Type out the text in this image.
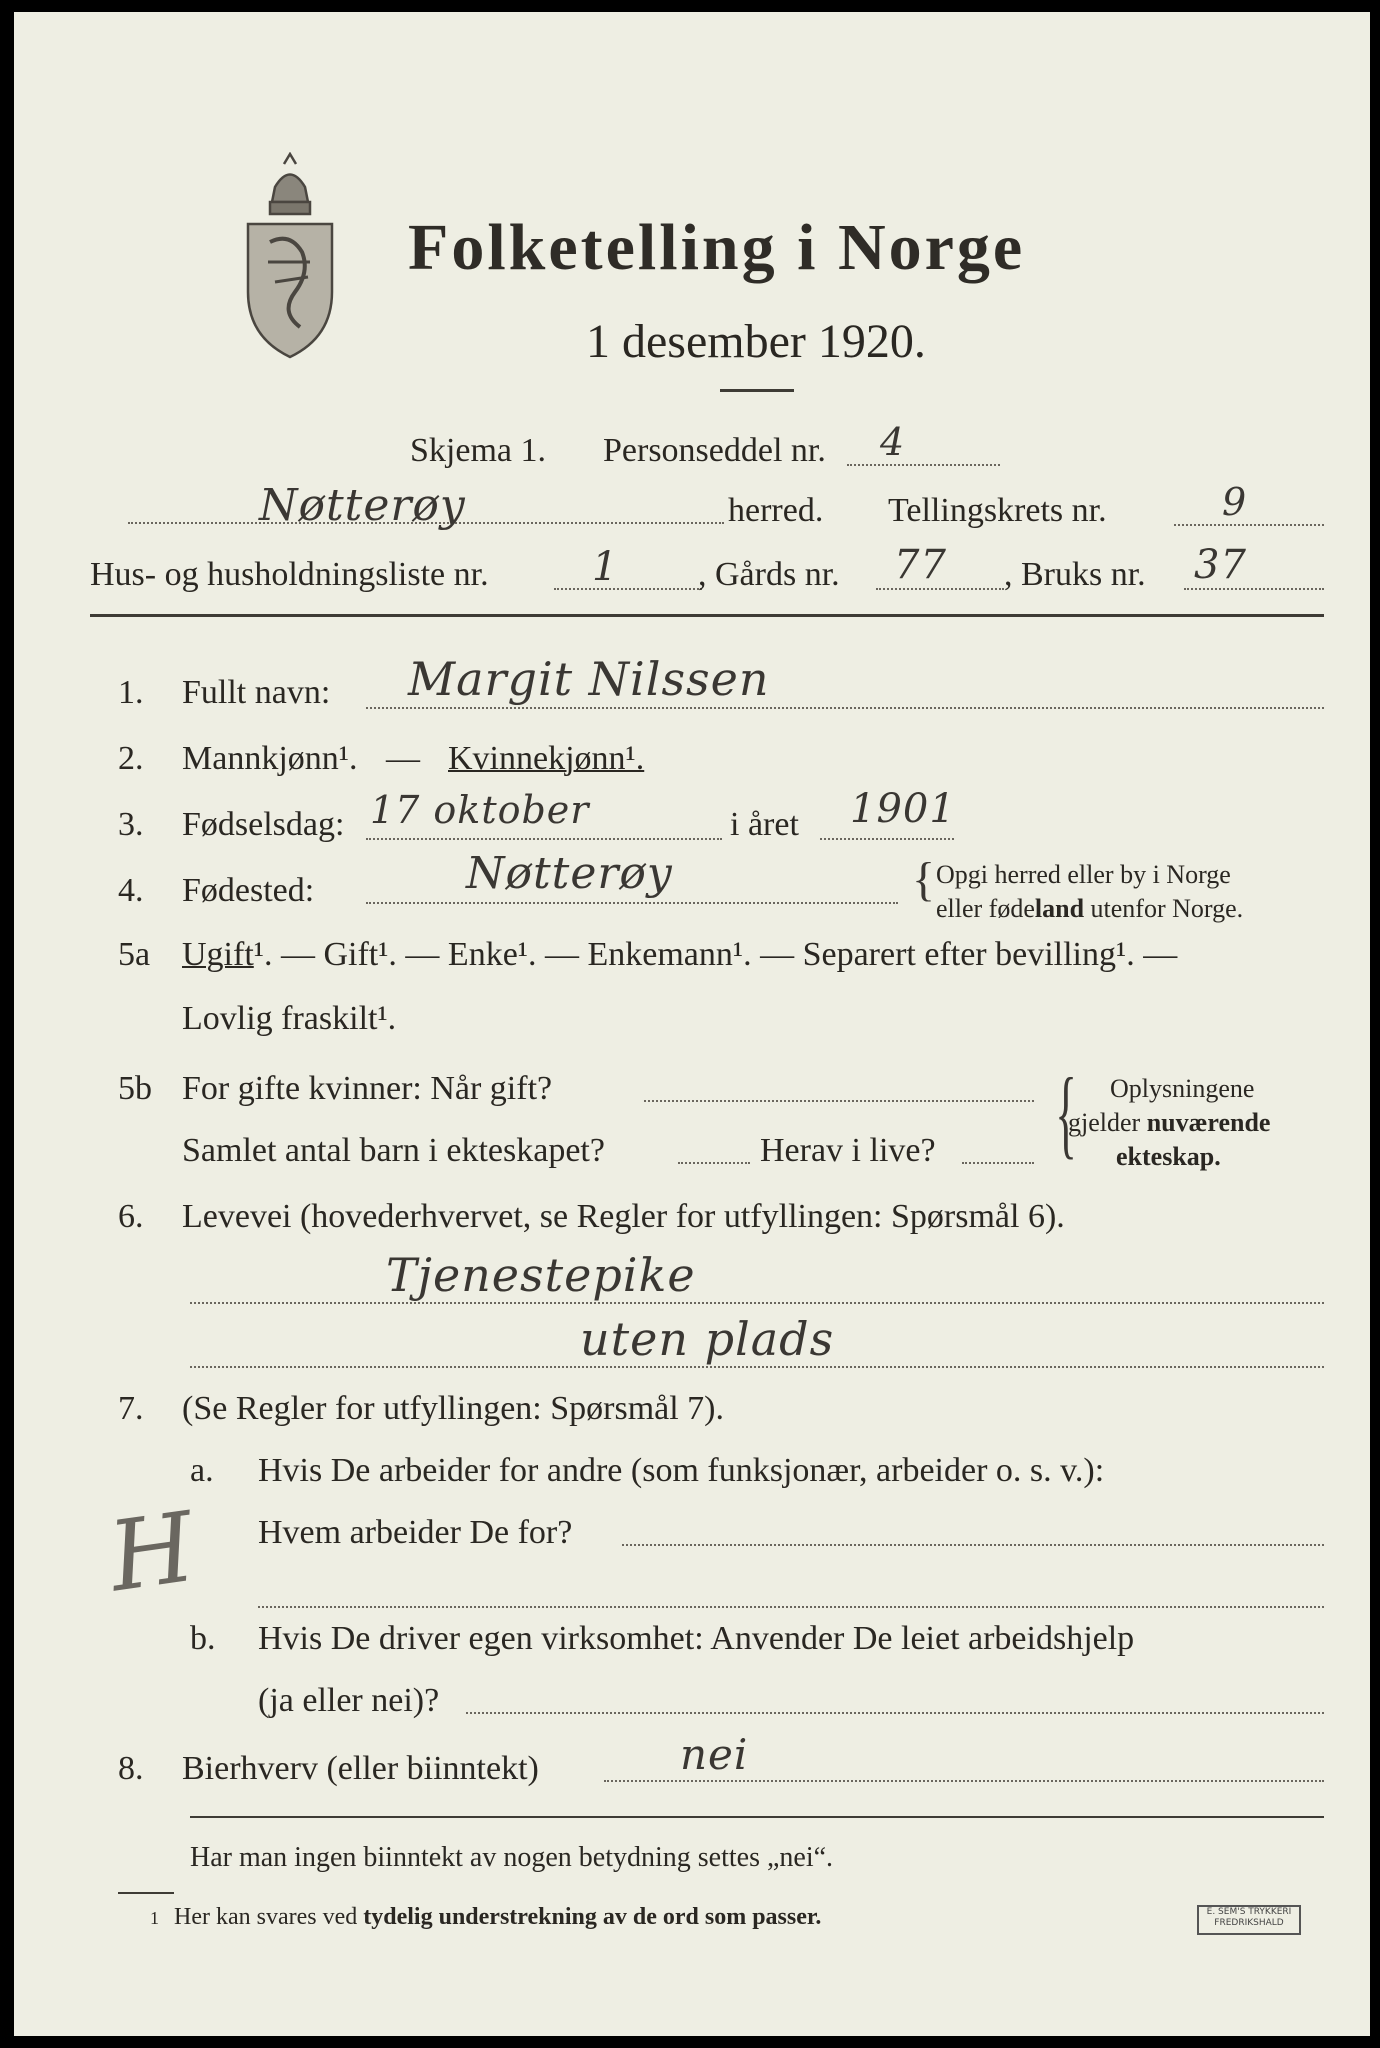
Folketelling i Norge
1 desember 1920.
Skjema 1. Personseddel nr. 4
Nøtterøy	herred. Tellingskrets nr.	9
Hus- og husholdningsliste nr.	1 , Gårds nr. 77 , Bruks nr. 37
1. Fullt navn: Margit Nilssen
2. Mannkjønn¹. — Kvinnekjønn¹.
3. Fødselsdag: 17 oktober	i året 1901
4. Fødested:	Nøtterøy	{ Opgi herred eller by i Norge
eller fødeland utenfor Norge.
5a Ugift¹. — Gift¹. — Enke¹. — Enkemann¹. — Separert efter bevilling¹. —
Lovlig fraskilt¹.
5b For gifte kvinner: Når gift?
Samlet antal barn i ekteskapet?	Herav i live? { Oplysningene
gjelder nuværende
ekteskap.
6. Levevei (hovederhvervet, se Regler for utfyllingen: Spørsmål 6).
Tjenestepike
uten plads
7. (Se Regler for utfyllingen: Spørsmål 7).
a. Hvis De arbeider for andre (som funksjonær, arbeider o. s. v.):
Hvem arbeider De for?
H
b. Hvis De driver egen virksomhet: Anvender De leiet arbeidshjelp
(ja eller nei)?
8. Bierhverv (eller biinntekt)	nei
Har man ingen biinntekt av nogen betydning settes „nei“.
1 Her kan svares ved tydelig understrekning av de ord som passer.	E. SEM'S TRYKKERI
FREDRIKSHALD
